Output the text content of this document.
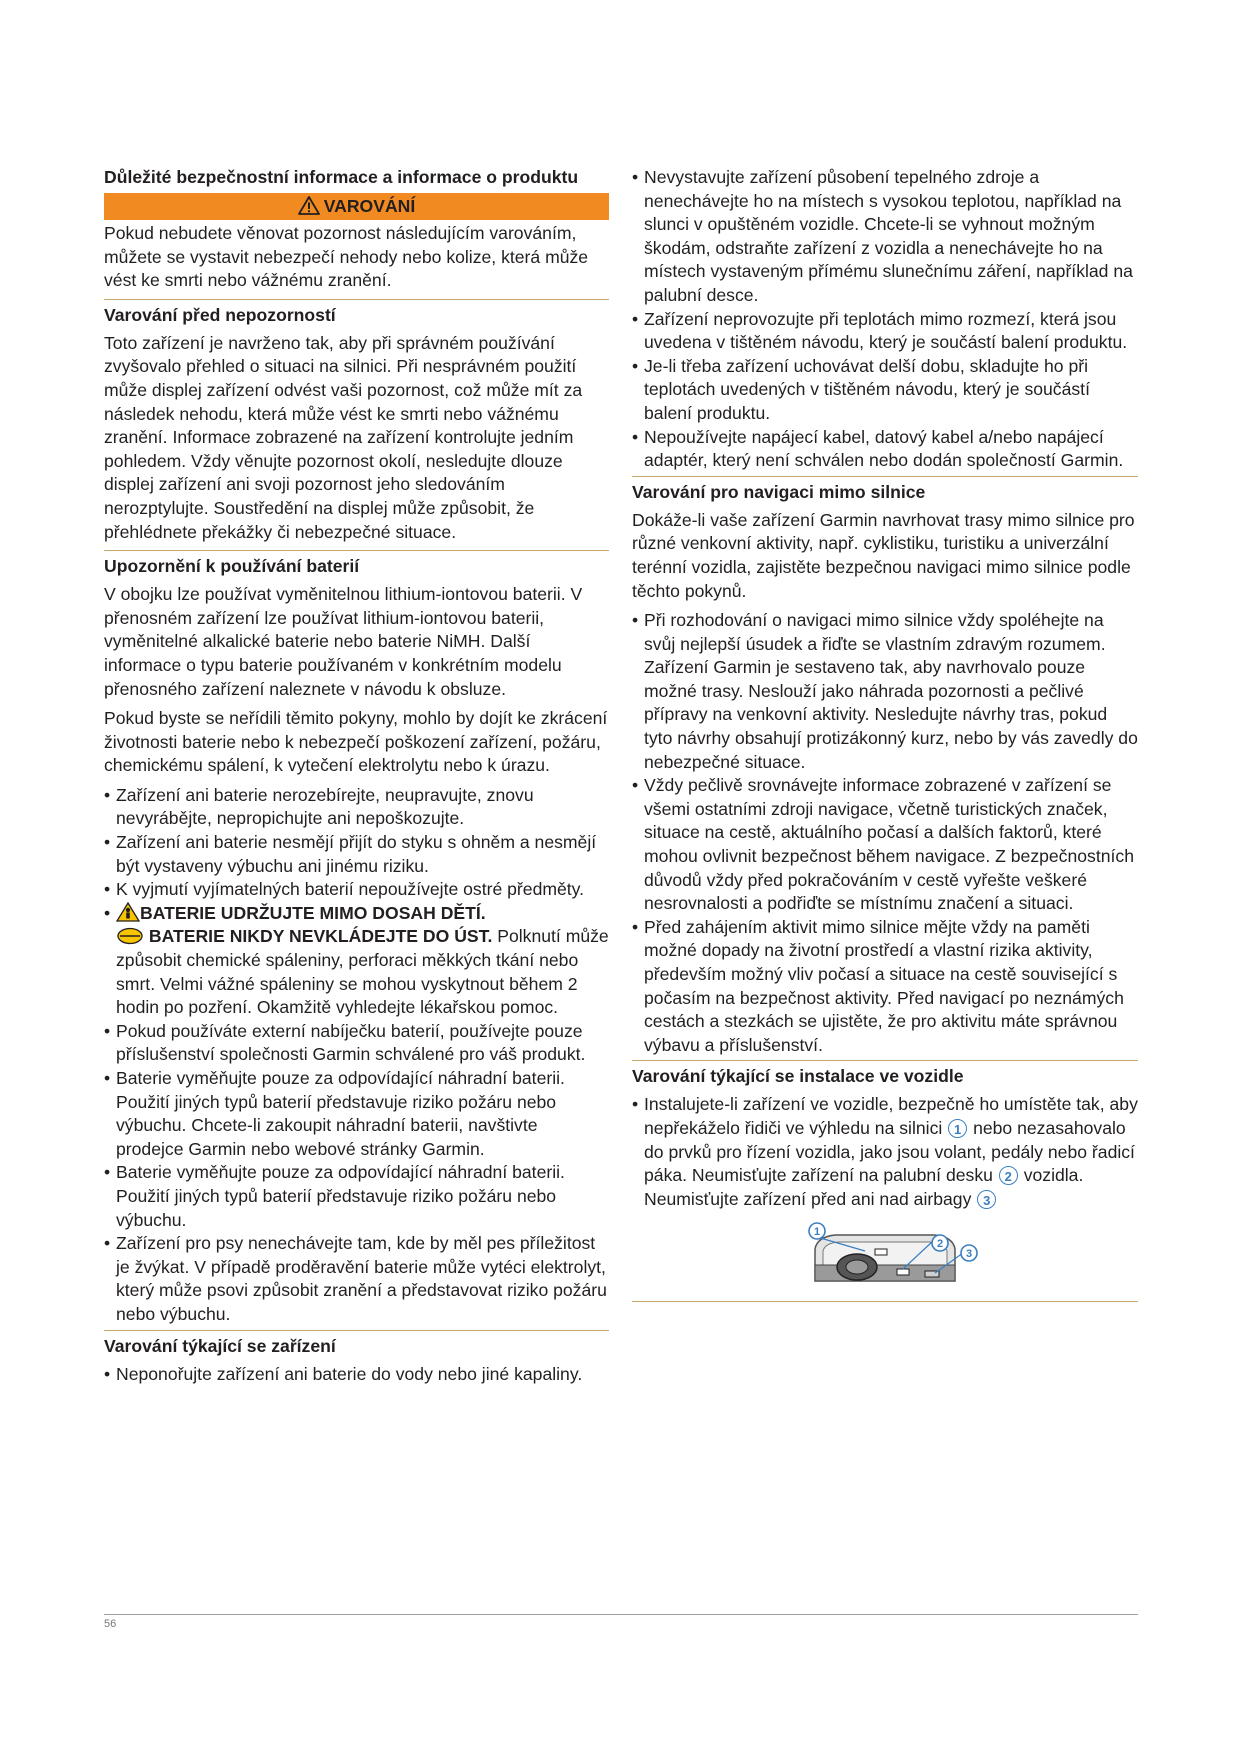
Důležité bezpečnostní informace a informace o produktu
VAROVÁNÍ

Pokud nebudete věnovat pozornost následujícím varováním, můžete se vystavit nebezpečí nehody nebo kolize, která může vést ke smrti nebo vážnému zranění.

Varování před nepozorností

Toto zařízení je navrženo tak, aby při správném používání zvyšovalo přehled o situaci na silnici. Při nesprávném použití může displej zařízení odvést vaši pozornost, což může mít za následek nehodu, která může vést ke smrti nebo vážnému zranění. Informace zobrazené na zařízení kontrolujte jedním pohledem. Vždy věnujte pozornost okolí, nesledujte dlouze displej zařízení ani svoji pozornost jeho sledováním nerozptylujte. Soustředění na displej může způsobit, že přehlédnete překážky či nebezpečné situace.

Upozornění k používání baterií

V obojku lze používat vyměnitelnou lithium-iontovou baterii. V přenosném zařízení lze používat lithium-iontovou baterii, vyměnitelné alkalické baterie nebo baterie NiMH. Další informace o typu baterie používaném v konkrétním modelu přenosného zařízení naleznete v návodu k obsluze.

Pokud byste se neřídili těmito pokyny, mohlo by dojít ke zkrácení životnosti baterie nebo k nebezpečí poškození zařízení, požáru, chemickému spálení, k vytečení elektrolytu nebo k úrazu.

• Zařízení ani baterie nerozebírejte, neupravujte, znovu nevyrábějte, nepropichujte ani nepoškozujte.
• Zařízení ani baterie nesmějí přijít do styku s ohněm a nesmějí být vystaveny výbuchu ani jinému riziku.
• K vyjmutí vyjímatelných baterií nepoužívejte ostré předměty.
• BATERIE UDRŽUJTE MIMO DOSAH DĚTÍ.
BATERIE NIKDY NEVKLÁDEJTE DO ÚST. Polknutí může způsobit chemické spáleniny, perforaci měkkých tkání nebo smrt. Velmi vážné spáleniny se mohou vyskytnout během 2 hodin po pozření. Okamžitě vyhledejte lékařskou pomoc.
• Pokud používáte externí nabíječku baterií, používejte pouze příslušenství společnosti Garmin schválené pro váš produkt.
• Baterie vyměňujte pouze za odpovídající náhradní baterii. Použití jiných typů baterií představuje riziko požáru nebo výbuchu. Chcete-li zakoupit náhradní baterii, navštivte prodejce Garmin nebo webové stránky Garmin.
• Baterie vyměňujte pouze za odpovídající náhradní baterii. Použití jiných typů baterií představuje riziko požáru nebo výbuchu.
• Zařízení pro psy nenechávejte tam, kde by měl pes příležitost je žvýkat. V případě proděravění baterie může vytéci elektrolyt, který může psovi způsobit zranění a představovat riziko požáru nebo výbuchu.
Varování týkající se zařízení
• Neponořujte zařízení ani baterie do vody nebo jiné kapaliny.
• Nevystavujte zařízení působení tepelného zdroje a nenechávejte ho na místech s vysokou teplotou, například na slunci v opuštěném vozidle. Chcete-li se vyhnout možným škodám, odstraňte zařízení z vozidla a nenechávejte ho na místech vystaveným přímému slunečnímu záření, například na palubní desce.
• Zařízení neprovozujte při teplotách mimo rozmezí, která jsou uvedena v tištěném návodu, který je součástí balení produktu.
• Je-li třeba zařízení uchovávat delší dobu, skladujte ho při teplotách uvedených v tištěném návodu, který je součástí balení produktu.
• Nepoužívejte napájecí kabel, datový kabel a/nebo napájecí adaptér, který není schválen nebo dodán společností Garmin.
Varování pro navigaci mimo silnice

Dokáže-li vaše zařízení Garmin navrhovat trasy mimo silnice pro různé venkovní aktivity, např. cyklistiku, turistiku a univerzální terénní vozidla, zajistěte bezpečnou navigaci mimo silnice podle těchto pokynů.

• Při rozhodování o navigaci mimo silnice vždy spoléhejte na svůj nejlepší úsudek a řiďte se vlastním zdravým rozumem. Zařízení Garmin je sestaveno tak, aby navrhovalo pouze možné trasy. Neslouží jako náhrada pozornosti a pečlivé přípravy na venkovní aktivity. Nesledujte návrhy tras, pokud tyto návrhy obsahují protizákonný kurz, nebo by vás zavedly do nebezpečné situace.
• Vždy pečlivě srovnávejte informace zobrazené v zařízení se všemi ostatními zdroji navigace, včetně turistických značek, situace na cestě, aktuálního počasí a dalších faktorů, které mohou ovlivnit bezpečnost během navigace. Z bezpečnostních důvodů vždy před pokračováním v cestě vyřešte veškeré nesrovnalosti a podřiďte se místnímu značení a situaci.
• Před zahájením aktivit mimo silnice mějte vždy na paměti možné dopady na životní prostředí a vlastní rizika aktivity, především možný vliv počasí a situace na cestě související s počasím na bezpečnost aktivity. Před navigací po neznámých cestách a stezkách se ujistěte, že pro aktivitu máte správnou výbavu a příslušenství.
Varování týkající se instalace ve vozidle
• Instalujete-li zařízení ve vozidle, bezpečně ho umístěte tak, aby nepřekáželo řidiči ve výhledu na silnici 1 nebo nezasahovalo do prvků pro řízení vozidla, jako jsou volant, pedály nebo řadicí páka. Neumisťujte zařízení na palubní desku 2 vozidla. Neumisťujte zařízení před ani nad airbagy 3
1
2
3
56
